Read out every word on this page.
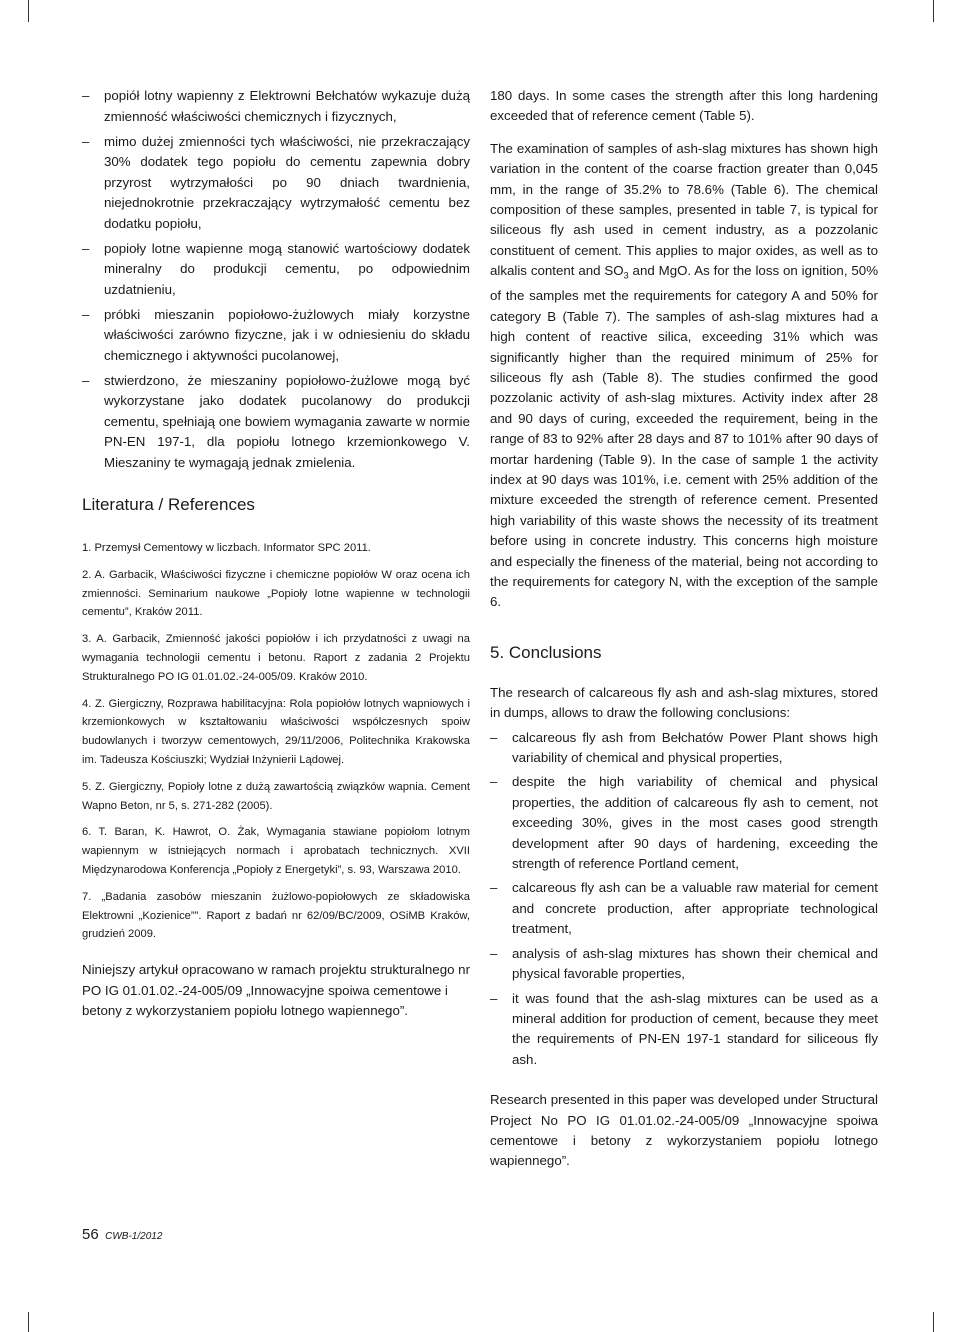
– popiół lotny wapienny z Elektrowni Bełchatów wykazuje dużą zmienność właściwości chemicznych i fizycznych,
– mimo dużej zmienności tych właściwości, nie przekraczający 30% dodatek tego popiołu do cementu zapewnia dobry przyrost wytrzymałości po 90 dniach twardnienia, niejednokrotnie przekraczający wytrzymałość cementu bez dodatku popiołu,
– popioły lotne wapienne mogą stanowić wartościowy dodatek mineralny do produkcji cementu, po odpowiednim uzdatnieniu,
– próbki mieszanin popiołowo-żużlowych miały korzystne właściwości zarówno fizyczne, jak i w odniesieniu do składu chemicznego i aktywności pucolanowej,
– stwierdzono, że mieszaniny popiołowo-żużlowe mogą być wykorzystane jako dodatek pucolanowy do produkcji cementu, spełniają one bowiem wymagania zawarte w normie PN-EN 197-1, dla popiołu lotnego krzemionkowego V. Mieszaniny te wymagają jednak zmielenia.
Literatura / References
1. Przemysł Cementowy w liczbach. Informator SPC 2011.
2. A. Garbacik, Właściwości fizyczne i chemiczne popiołów W oraz ocena ich zmienności. Seminarium naukowe „Popioły lotne wapienne w technologii cementu”, Kraków 2011.
3. A. Garbacik, Zmienność jakości popiołów i ich przydatności z uwagi na wymagania technologii cementu i betonu. Raport z zadania 2 Projektu Strukturalnego PO IG 01.01.02.-24-005/09. Kraków 2010.
4. Z. Giergiczny, Rozprawa habilitacyjna: Rola popiołów lotnych wapniowych i krzemionkowych w kształtowaniu właściwości współczesnych spoiw budowlanych i tworzyw cementowych, 29/11/2006, Politechnika Krakowska im. Tadeusza Kościuszki; Wydział Inżynierii Lądowej.
5. Z. Giergiczny, Popioły lotne z dużą zawartością związków wapnia. Cement Wapno Beton, nr 5, s. 271-282 (2005).
6. T. Baran, K. Hawrot, O. Żak, Wymagania stawiane popiołom lotnym wapiennym w istniejących normach i aprobatach technicznych. XVII Międzynarodowa Konferencja „Popioły z Energetyki”, s. 93, Warszawa 2010.
7. „Badania zasobów mieszanin żużlowo-popiołowych ze składowiska Elektrowni „Kozienice””. Raport z badań nr 62/09/BC/2009, OSiMB Kraków, grudzień 2009.

Niniejszy artykuł opracowano w ramach projektu strukturalnego nr PO IG 01.01.02.-24-005/09 „Innowacyjne spoiwa cementowe i betony z wykorzystaniem popiołu lotnego wapiennego”.

180 days. In some cases the strength after this long hardening exceeded that of reference cement (Table 5).

The examination of samples of ash-slag mixtures has shown high variation in the content of the coarse fraction greater than 0,045 mm, in the range of 35.2% to 78.6% (Table 6). The chemical composition of these samples, presented in table 7, is typical for siliceous fly ash used in cement industry, as a pozzolanic constituent of cement. This applies to major oxides, as well as to alkalis content and $SO_3$ and MgO. As for the loss on ignition, 50% of the samples met the requirements for category A and 50% for category B (Table 7). The samples of ash-slag mixtures had a high content of reactive silica, exceeding 31% which was significantly higher than the required minimum of 25% for siliceous fly ash (Table 8). The studies confirmed the good pozzolanic activity of ash-slag mixtures. Activity index after 28 and 90 days of curing, exceeded the requirement, being in the range of 83 to 92% after 28 days and 87 to 101% after 90 days of mortar hardening (Table 9). In the case of sample 1 the activity index at 90 days was 101%, i.e. cement with 25% addition of the mixture exceeded the strength of reference cement. Presented high variability of this waste shows the necessity of its treatment before using in concrete industry. This concerns high moisture and especially the fineness of the material, being not according to the requirements for category N, with the exception of the sample 6.

5. Conclusions

The research of calcareous fly ash and ash-slag mixtures, stored in dumps, allows to draw the following conclusions:

– calcareous fly ash from Bełchatów Power Plant shows high variability of chemical and physical properties,
– despite the high variability of chemical and physical properties, the addition of calcareous fly ash to cement, not exceeding 30%, gives in the most cases good strength development after 90 days of hardening, exceeding the strength of reference Portland cement,
– calcareous fly ash can be a valuable raw material for cement and concrete production, after appropriate technological treatment,
– analysis of ash-slag mixtures has shown their chemical and physical favorable properties,
– it was found that the ash-slag mixtures can be used as a mineral addition for production of cement, because they meet the requirements of PN-EN 197-1 standard for siliceous fly ash.

Research presented in this paper was developed under Structural Project No PO IG 01.01.02.-24-005/09 „Innowacyjne spoiwa cementowe i betony z wykorzystaniem popiołu lotnego wapiennego”.

56 CWB-1/2012
